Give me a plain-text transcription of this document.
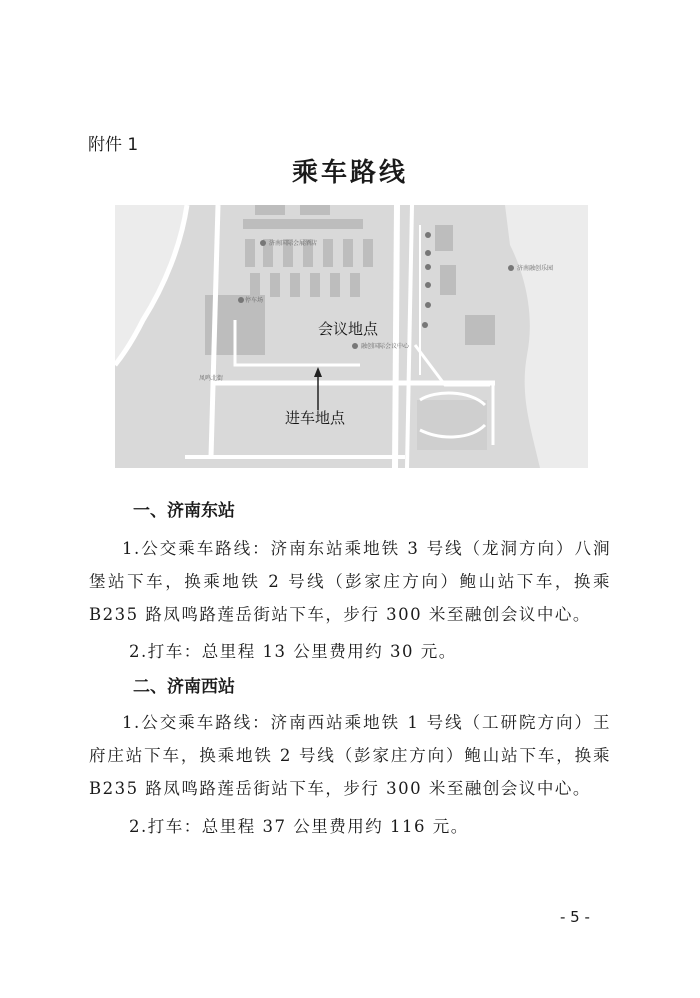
附件 1
乘车路线
济南国际会展酒店
停车场
融创国际会议中心
济南融创乐园
凤鸣北街
会议地点
进车地点
一、济南东站
1.公交乘车路线：济南东站乘地铁 3 号线（龙洞方向）八涧堡站下车，换乘地铁 2 号线（彭家庄方向）鲍山站下车，换乘 B235 路凤鸣路莲岳街站下车，步行 300 米至融创会议中心。
2.打车：总里程 13 公里费用约 30 元。
二、济南西站
1.公交乘车路线：济南西站乘地铁 1 号线（工研院方向）王府庄站下车，换乘地铁 2 号线（彭家庄方向）鲍山站下车，换乘 B235 路凤鸣路莲岳街站下车，步行 300 米至融创会议中心。
2.打车：总里程 37 公里费用约 116 元。
- 5 -
